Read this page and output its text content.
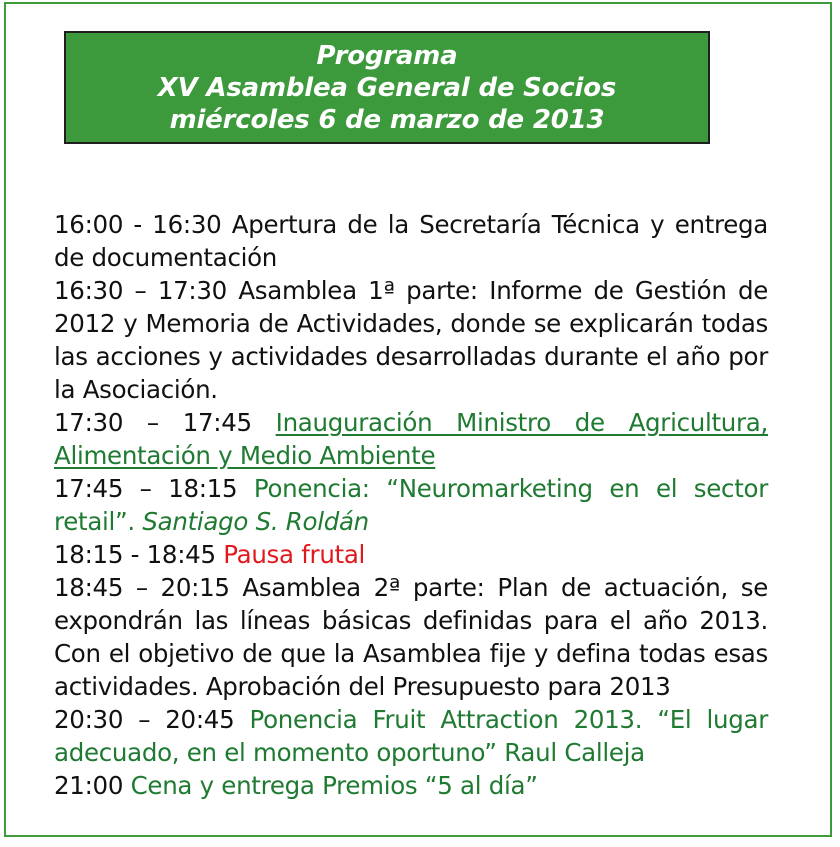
Programa
XV Asamblea General de Socios
miércoles 6 de marzo de 2013

16:00 - 16:30 Apertura de la Secretaría Técnica y entrega de documentación

16:30 – 17:30 Asamblea 1ª parte: Informe de Gestión de 2012 y Memoria de Actividades, donde se explicarán todas las acciones y actividades desarrolladas durante el año por la Asociación.

17:30 – 17:45 Inauguración Ministro de Agricultura, Alimentación y Medio Ambiente

17:45 – 18:15 Ponencia: “Neuromarketing en el sector retail”. Santiago S. Roldán

18:15 - 18:45 Pausa frutal

18:45 – 20:15 Asamblea 2ª parte: Plan de actuación, se expondrán las líneas básicas definidas para el año 2013. Con el objetivo de que la Asamblea fije y defina todas esas actividades. Aprobación del Presupuesto para 2013

20:30 – 20:45 Ponencia Fruit Attraction 2013. “El lugar adecuado, en el momento oportuno” Raul Calleja

21:00 Cena y entrega Premios “5 al día”
